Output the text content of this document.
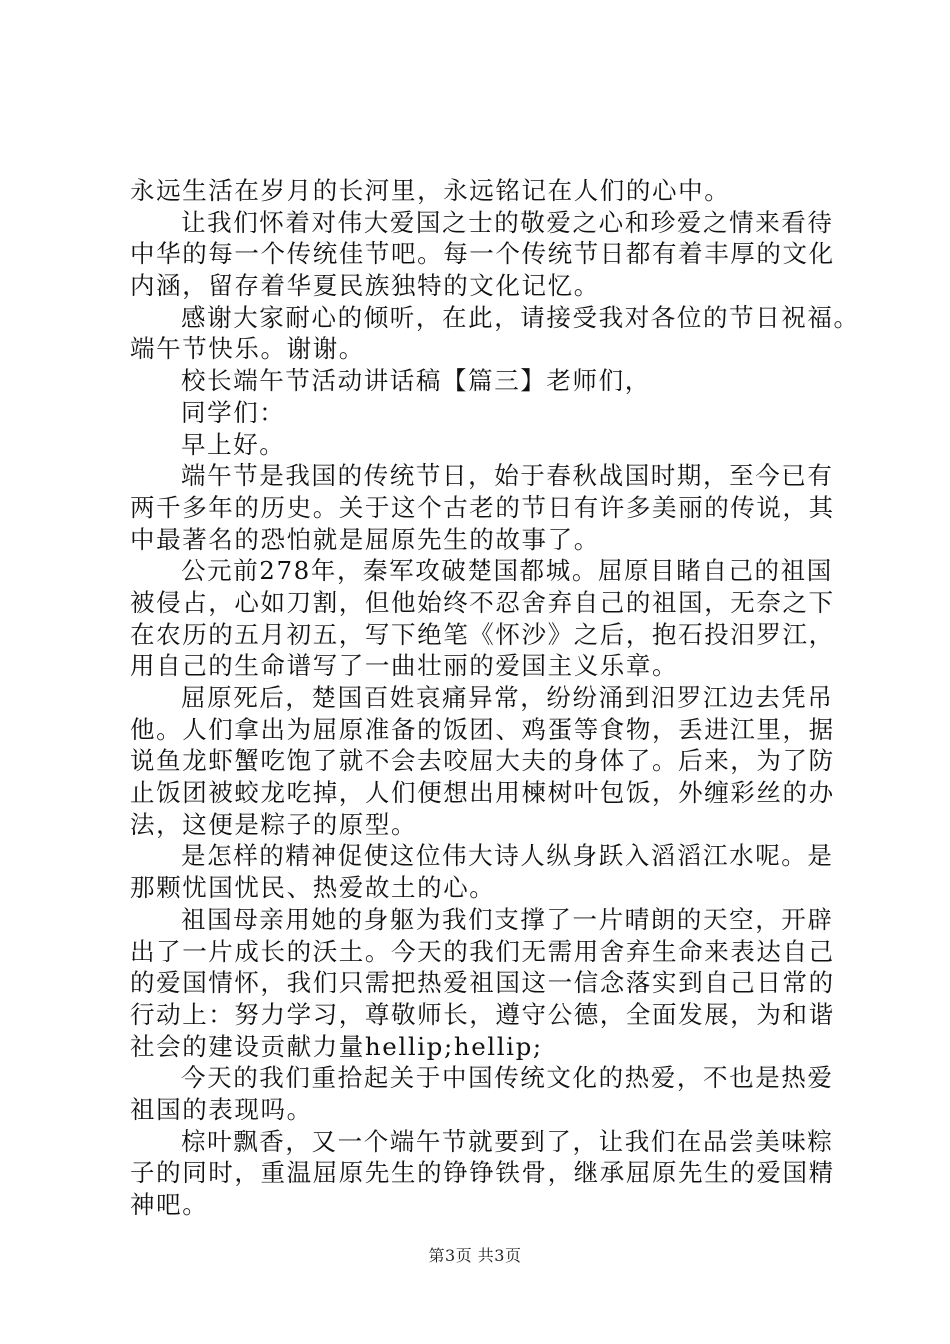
永远生活在岁月的长河里，永远铭记在人们的心中。
让我们怀着对伟大爱国之士的敬爱之心和珍爱之情来看待
中华的每一个传统佳节吧。每一个传统节日都有着丰厚的文化
内涵，留存着华夏民族独特的文化记忆。
感谢大家耐心的倾听，在此，请接受我对各位的节日祝福。
端午节快乐。谢谢。
校长端午节活动讲话稿【篇三】老师们，
同学们：
早上好。
端午节是我国的传统节日，始于春秋战国时期，至今已有
两千多年的历史。关于这个古老的节日有许多美丽的传说，其
中最著名的恐怕就是屈原先生的故事了。
公元前278年，秦军攻破楚国都城。屈原目睹自己的祖国
被侵占，心如刀割，但他始终不忍舍弃自己的祖国，无奈之下
在农历的五月初五，写下绝笔《怀沙》之后，抱石投汨罗江，
用自己的生命谱写了一曲壮丽的爱国主义乐章。
屈原死后，楚国百姓哀痛异常，纷纷涌到汨罗江边去凭吊
他。人们拿出为屈原准备的饭团、鸡蛋等食物，丢进江里，据
说鱼龙虾蟹吃饱了就不会去咬屈大夫的身体了。后来，为了防
止饭团被蛟龙吃掉，人们便想出用楝树叶包饭，外缠彩丝的办
法，这便是粽子的原型。
是怎样的精神促使这位伟大诗人纵身跃入滔滔江水呢。是
那颗忧国忧民、热爱故土的心。
祖国母亲用她的身躯为我们支撑了一片晴朗的天空，开辟
出了一片成长的沃土。今天的我们无需用舍弃生命来表达自己
的爱国情怀，我们只需把热爱祖国这一信念落实到自己日常的
行动上：努力学习，尊敬师长，遵守公德，全面发展，为和谐
社会的建设贡献力量hellip;hellip;
今天的我们重拾起关于中国传统文化的热爱，不也是热爱
祖国的表现吗。
棕叶飘香，又一个端午节就要到了，让我们在品尝美味粽
子的同时，重温屈原先生的铮铮铁骨，继承屈原先生的爱国精
神吧。
第3页 共3页
